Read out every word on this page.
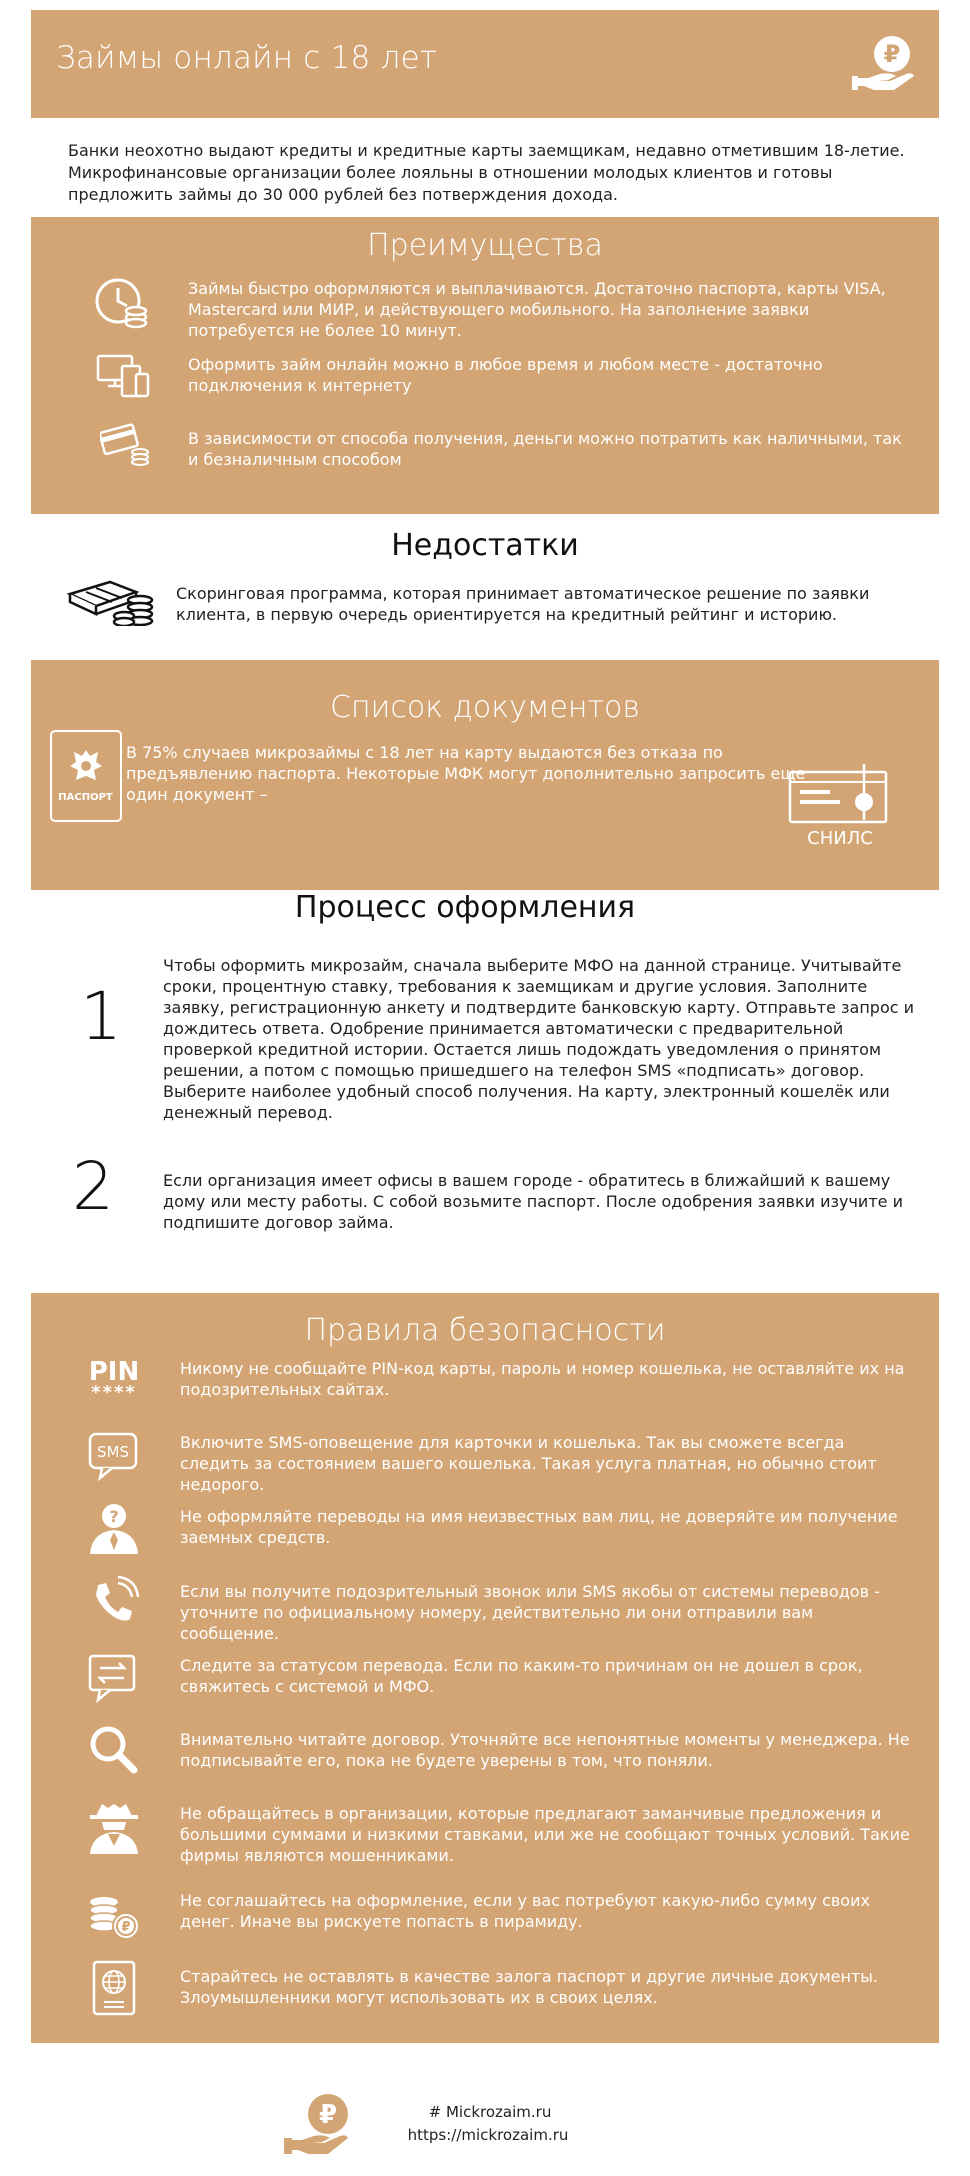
Займы онлайн с 18 лет	₽
Банки неохотно выдают кредиты и кредитные карты заемщикам, недавно отметившим 18-летие. Микрофинансовые организации более лояльны в отношении молодых клиентов и готовы предложить займы до 30 000 рублей без потверждения дохода.
Преимущества
Займы быстро оформляются и выплачиваются. Достаточно паспорта, карты VISA, Mastercard или МИР, и действующего мобильного. На заполнение заявки потребуется не более 10 минут.
Оформить займ онлайн можно в любое время и любом месте - достаточно подключения к интернету
В зависимости от способа получения, деньги можно потратить как наличными, так и безналичным способом
Недостатки
Скоринговая программа, которая принимает автоматическое решение по заявки клиента, в первую очередь ориентируется на кредитный рейтинг и историю.
Список документов
ПАСПОРТ
В 75% случаев микрозаймы с 18 лет на карту выдаются без отказа по предъявлению паспорта. Некоторые МФК могут дополнительно запросить еще один документ –
СНИЛС
Процесс оформления
1
Чтобы оформить микрозайм, сначала выберите МФО на данной странице. Учитывайте сроки, процентную ставку, требования к заемщикам и другие условия. Заполните заявку, регистрационную анкету и подтвердите банковскую карту. Отправьте запрос и дождитесь ответа. Одобрение принимается автоматически с предварительной проверкой кредитной истории. Остается лишь подождать уведомления о принятом решении, а потом с помощью пришедшего на телефон SMS «подписать» договор. Выберите наиболее удобный способ получения. На карту, электронный кошелёк или денежный перевод.
2	Если организация имеет офисы в вашем городе - обратитесь в ближайший к вашему дому или месту работы. С собой возьмите паспорт. После одобрения заявки изучите и подпишите договор займа.
Правила безопасности
PIN
****
Никому не сообщайте PIN-код карты, пароль и номер кошелька, не оставляйте их на подозрительных сайтах.
SMS	Включите SMS-оповещение для карточки и кошелька. Так вы сможете всегда следить за состоянием вашего кошелька. Такая услуга платная, но обычно стоит недорого.
?	Не оформляйте переводы на имя неизвестных вам лиц, не доверяйте им получение заемных средств.
Если вы получите подозрительный звонок или SMS якобы от системы переводов - уточните по официальному номеру, действительно ли они отправили вам сообщение.
Следите за статусом перевода. Если по каким-то причинам он не дошел в срок, свяжитесь с системой и МФО.
Внимательно читайте договор. Уточняйте все непонятные моменты у менеджера. Не подписывайте его, пока не будете уверены в том, что поняли.
Не обращайтесь в организации, которые предлагают заманчивые предложения и большими суммами и низкими ставками, или же не сообщают точных условий. Такие фирмы являются мошенниками.
₽
Не соглашайтесь на оформление, если у вас потребуют какую-либо сумму своих денег. Иначе вы рискуете попасть в пирамиду.
Старайтесь не оставлять в качестве залога паспорт и другие личные документы. Злоумышленники могут использовать их в своих целях.
₽	# Mickrozaim.ru
https://mickrozaim.ru
